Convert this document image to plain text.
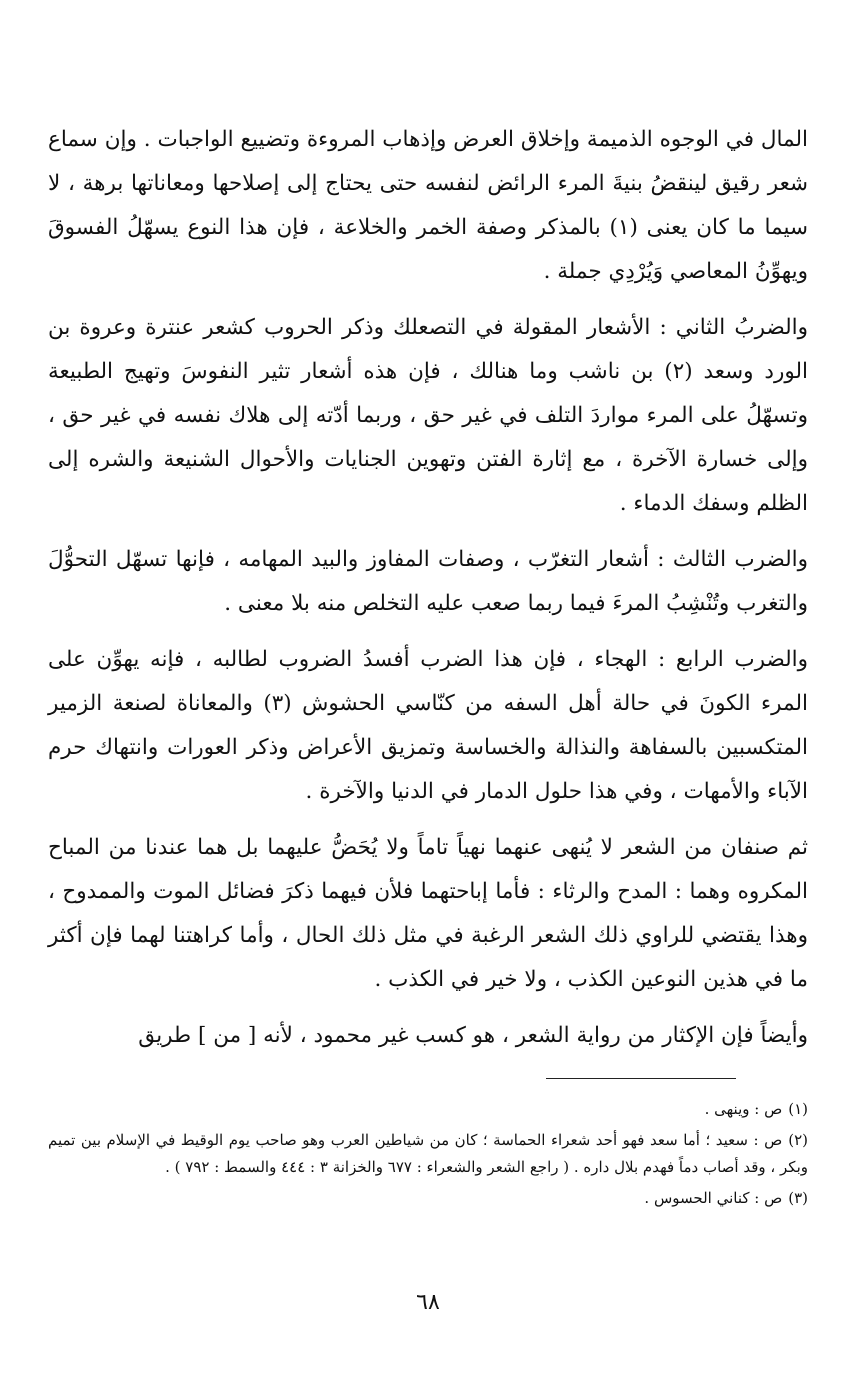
المال في الوجوه الذميمة وإخلاق العرض وإذهاب المروءة وتضييع الواجبات . وإن سماع شعر رقيق لينقضُ بنيةَ المرء الرائض لنفسه حتى يحتاج إلى إصلاحها ومعاناتها برهة ، لا سيما ما كان يعنى (١) بالمذكر وصفة الخمر والخلاعة ، فإن هذا النوع يسهّلُ الفسوقَ ويهوِّنُ المعاصي وَيُرْدِي جملة .

والضربُ الثاني : الأشعار المقولة في التصعلك وذكر الحروب كشعر عنترة وعروة بن الورد وسعد (٢) بن ناشب وما هنالك ، فإن هذه أشعار تثير النفوسَ وتهيج الطبيعة وتسهّلُ على المرء مواردَ التلف في غير حق ، وربما أدّته إلى هلاك نفسه في غير حق ، وإلى خسارة الآخرة ، مع إثارة الفتن وتهوين الجنايات والأحوال الشنيعة والشره إلى الظلم وسفك الدماء .

والضرب الثالث : أشعار التغرّب ، وصفات المفاوز والبيد المهامه ، فإنها تسهّل التحوُّلَ والتغرب وتُنْشِبُ المرءَ فيما ربما صعب عليه التخلص منه بلا معنى .

والضرب الرابع : الهجاء ، فإن هذا الضرب أفسدُ الضروب لطالبه ، فإنه يهوِّن على المرء الكونَ في حالة أهل السفه من كنّاسي الحشوش (٣) والمعاناة لصنعة الزمير المتكسبين بالسفاهة والنذالة والخساسة وتمزيق الأعراض وذكر العورات وانتهاك حرم الآباء والأمهات ، وفي هذا حلول الدمار في الدنيا والآخرة .

ثم صنفان من الشعر لا يُنهى عنهما نهياً تاماً ولا يُحَضُّ عليهما بل هما عندنا من المباح المكروه وهما : المدح والرثاء : فأما إباحتهما فلأن فيهما ذكرَ فضائل الموت والممدوح ، وهذا يقتضي للراوي ذلك الشعر الرغبة في مثل ذلك الحال ، وأما كراهتنا لهما فإن أكثر ما في هذين النوعين الكذب ، ولا خير في الكذب .

وأيضاً فإن الإكثار من رواية الشعر ، هو كسب غير محمود ، لأنه [ من ] طريق

(١)ص : وينهى .
(٢)ص : سعيد ؛ أما سعد فهو أحد شعراء الحماسة ؛ كان من شياطين العرب وهو صاحب يوم الوقيط في الإسلام بين تميم وبكر ، وقد أصاب دماً فهدم بلال داره . ( راجع الشعر والشعراء : ٦٧٧ والخزانة ٣ : ٤٤٤ والسمط : ٧٩٢ ) .
(٣)ص : كناني الحسوس .
٦٨
